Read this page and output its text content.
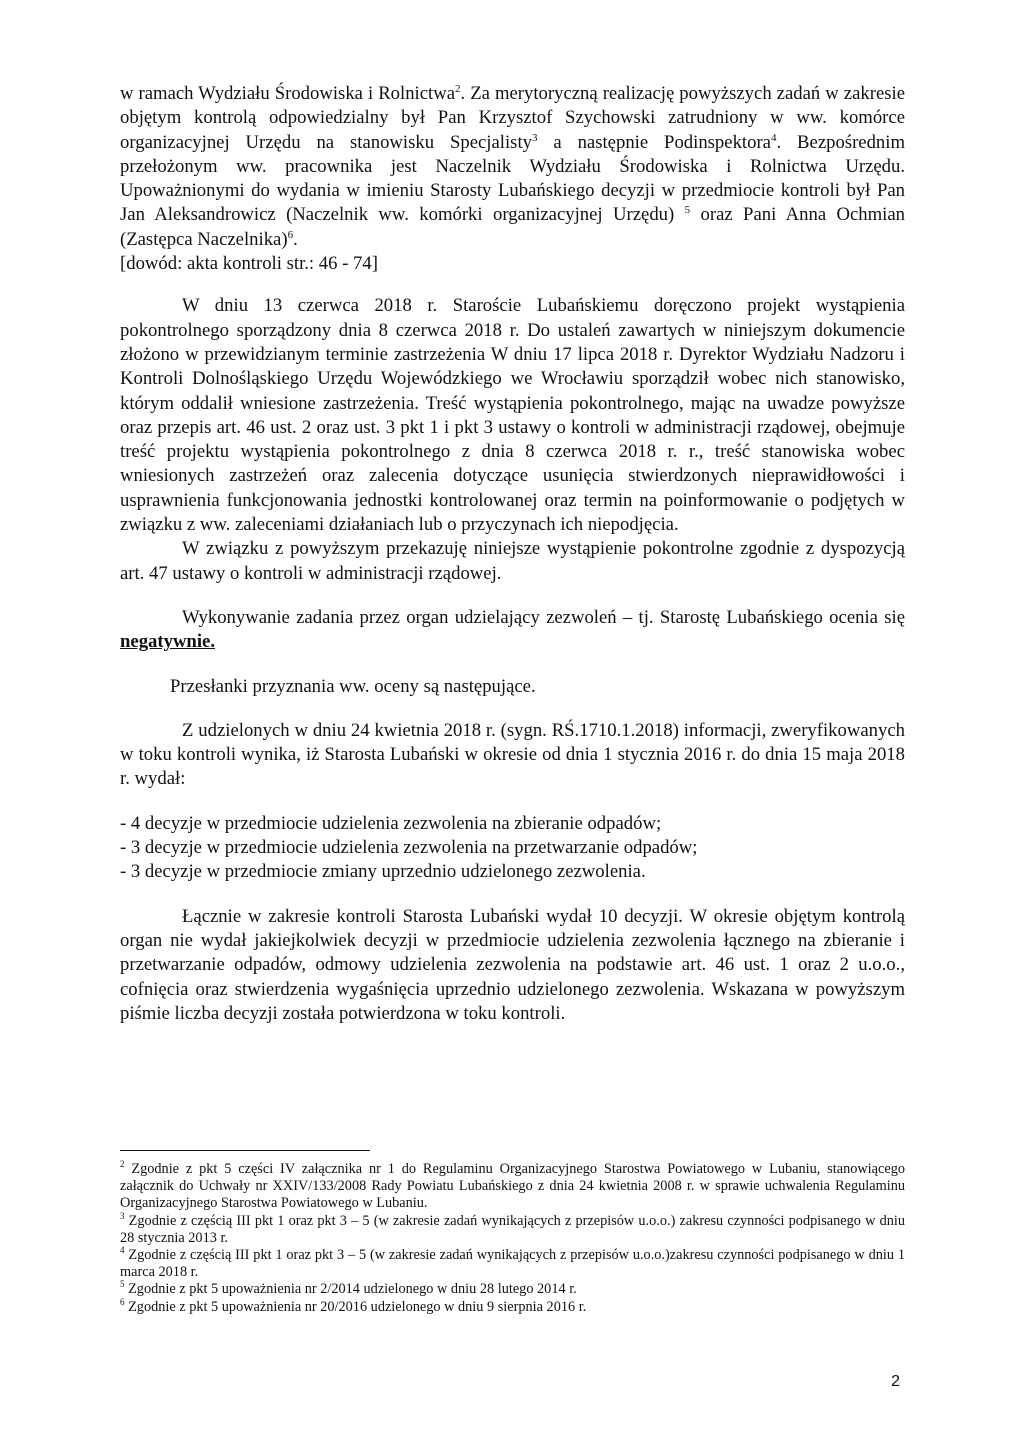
w ramach Wydziału Środowiska i Rolnictwa$^2$. Za merytoryczną realizację powyższych zadań w zakresie objętym kontrolą odpowiedzialny był Pan Krzysztof Szychowski zatrudniony w ww. komórce organizacyjnej Urzędu na stanowisku Specjalisty$^3$ a następnie Podinspektora$^4$. Bezpośrednim przełożonym ww. pracownika jest Naczelnik Wydziału Środowiska i Rolnictwa Urzędu. Upoważnionymi do wydania w imieniu Starosty Lubańskiego decyzji w przedmiocie kontroli był Pan Jan Aleksandrowicz (Naczelnik ww. komórki organizacyjnej Urzędu) $^5$ oraz Pani Anna Ochmian (Zastępca Naczelnika)$^6$.

[dowód: akta kontroli str.: 46 - 74]

W dniu 13 czerwca 2018 r. Staroście Lubańskiemu doręczono projekt wystąpienia pokontrolnego sporządzony dnia 8 czerwca 2018 r. Do ustaleń zawartych w niniejszym dokumencie złożono w przewidzianym terminie zastrzeżenia W dniu 17 lipca 2018 r. Dyrektor Wydziału Nadzoru i Kontroli Dolnośląskiego Urzędu Wojewódzkiego we Wrocławiu sporządził wobec nich stanowisko, którym oddalił wniesione zastrzeżenia. Treść wystąpienia pokontrolnego, mając na uwadze powyższe oraz przepis art. 46 ust. 2 oraz ust. 3 pkt 1 i pkt 3 ustawy o kontroli w administracji rządowej, obejmuje treść projektu wystąpienia pokontrolnego z dnia 8 czerwca 2018 r. r., treść stanowiska wobec wniesionych zastrzeżeń oraz zalecenia dotyczące usunięcia stwierdzonych nieprawidłowości i usprawnienia funkcjonowania jednostki kontrolowanej oraz termin na poinformowanie o podjętych w związku z ww. zaleceniami działaniach lub o przyczynach ich niepodjęcia.

W związku z powyższym przekazuję niniejsze wystąpienie pokontrolne zgodnie z dyspozycją art. 47 ustawy o kontroli w administracji rządowej.

Wykonywanie zadania przez organ udzielający zezwoleń – tj. Starostę Lubańskiego ocenia się negatywnie.

Przesłanki przyznania ww. oceny są następujące.

Z udzielonych w dniu 24 kwietnia 2018 r. (sygn. RŚ.1710.1.2018) informacji, zweryfikowanych w toku kontroli wynika, iż Starosta Lubański w okresie od dnia 1 stycznia 2016 r. do dnia 15 maja 2018 r. wydał:

- 4 decyzje w przedmiocie udzielenia zezwolenia na zbieranie odpadów;
- 3 decyzje w przedmiocie udzielenia zezwolenia na przetwarzanie odpadów;
- 3 decyzje w przedmiocie zmiany uprzednio udzielonego zezwolenia.

Łącznie w zakresie kontroli Starosta Lubański wydał 10 decyzji. W okresie objętym kontrolą organ nie wydał jakiejkolwiek decyzji w przedmiocie udzielenia zezwolenia łącznego na zbieranie i przetwarzanie odpadów, odmowy udzielenia zezwolenia na podstawie art. 46 ust. 1 oraz 2 u.o.o., cofnięcia oraz stwierdzenia wygaśnięcia uprzednio udzielonego zezwolenia. Wskazana w powyższym piśmie liczba decyzji została potwierdzona w toku kontroli.

$^2$ Zgodnie z pkt 5 części IV załącznika nr 1 do Regulaminu Organizacyjnego Starostwa Powiatowego w Lubaniu, stanowiącego załącznik do Uchwały nr XXIV/133/2008 Rady Powiatu Lubańskiego z dnia 24 kwietnia 2008 r. w sprawie uchwalenia Regulaminu Organizacyjnego Starostwa Powiatowego w Lubaniu.

$^3$ Zgodnie z częścią III pkt 1 oraz pkt 3 – 5 (w zakresie zadań wynikających z przepisów u.o.o.) zakresu czynności podpisanego w dniu 28 stycznia 2013 r.

$^4$ Zgodnie z częścią III pkt 1 oraz pkt 3 – 5 (w zakresie zadań wynikających z przepisów u.o.o.)zakresu czynności podpisanego w dniu 1 marca 2018 r.

$^5$ Zgodnie z pkt 5 upoważnienia nr 2/2014 udzielonego w dniu 28 lutego 2014 r.

$^6$ Zgodnie z pkt 5 upoważnienia nr 20/2016 udzielonego w dniu 9 sierpnia 2016 r.

2
